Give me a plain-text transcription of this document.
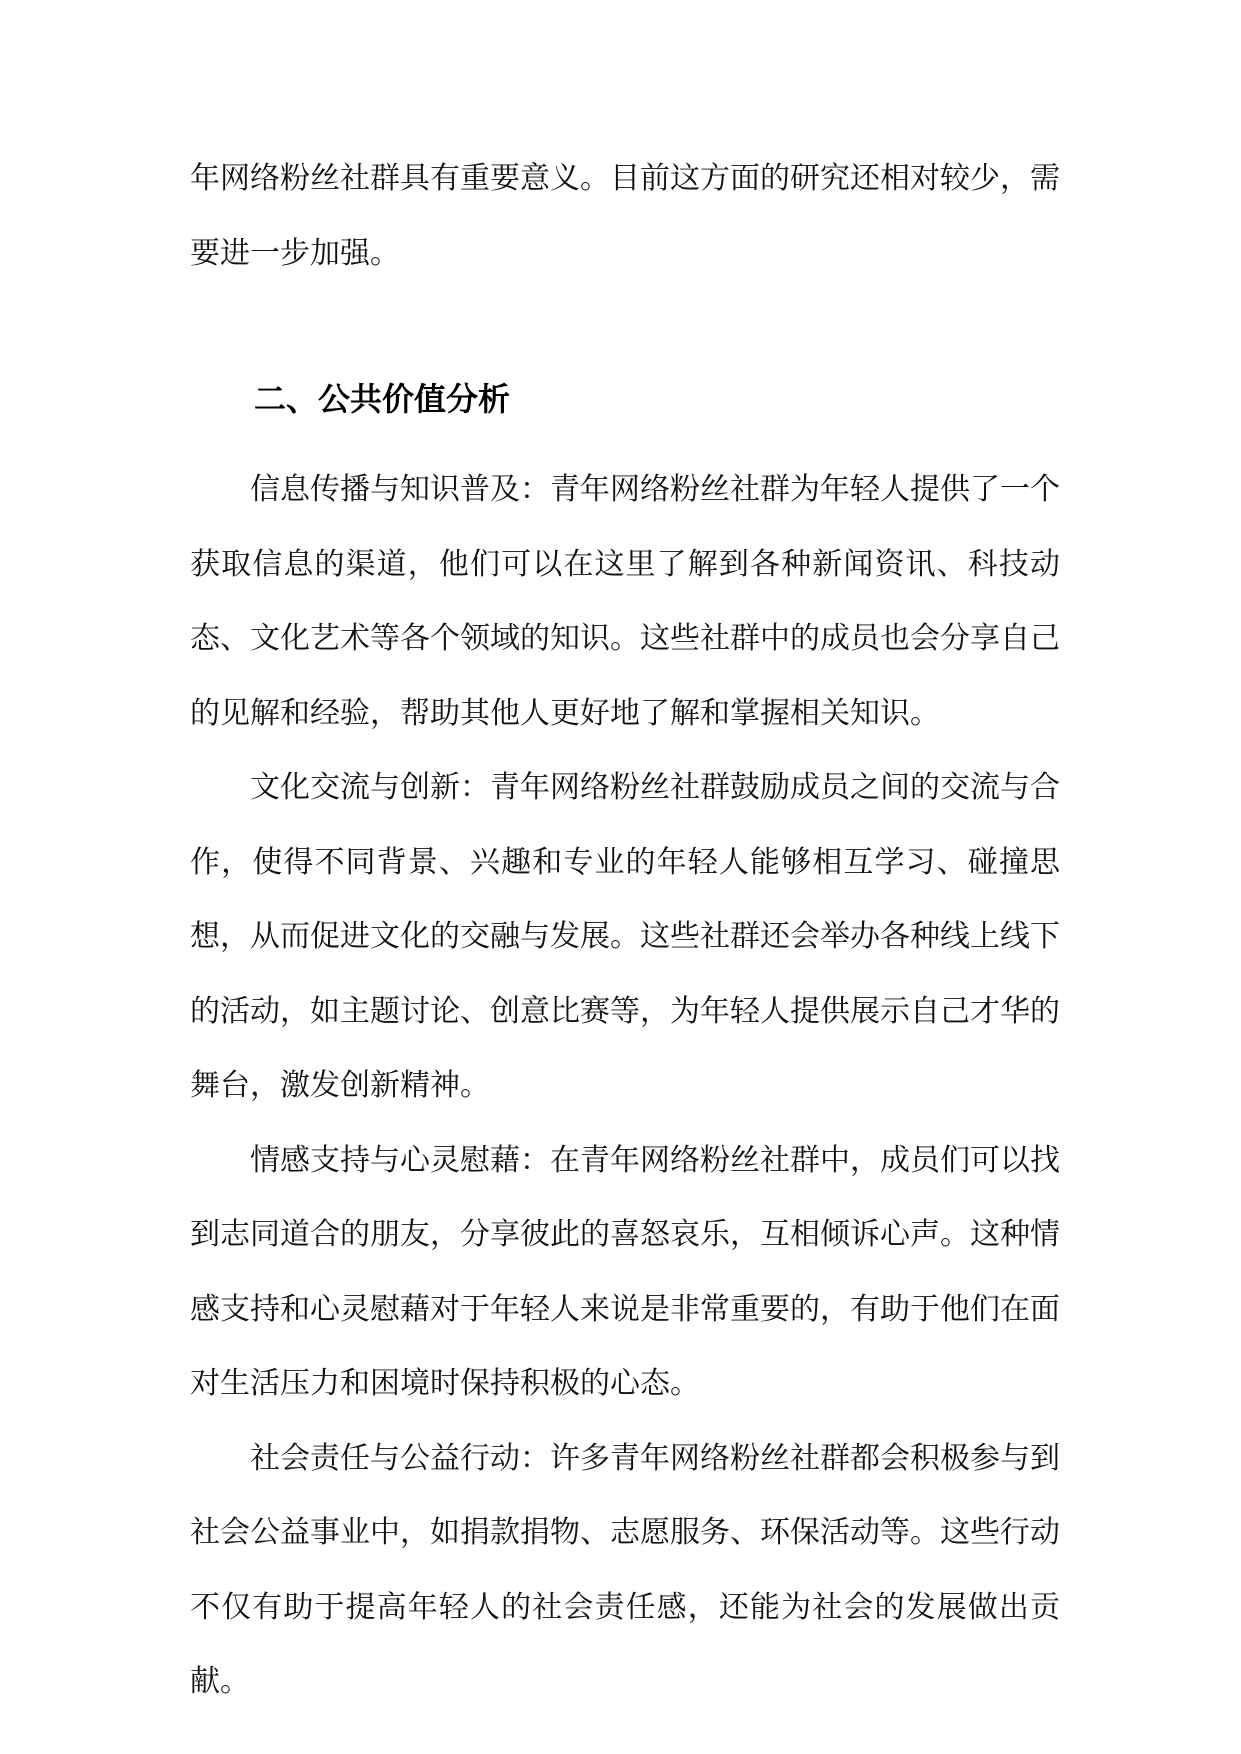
年网络粉丝社群具有重要意义。目前这方面的研究还相对较少，需要进一步加强。

二、公共价值分析

信息传播与知识普及：青年网络粉丝社群为年轻人提供了一个获取信息的渠道，他们可以在这里了解到各种新闻资讯、科技动态、文化艺术等各个领域的知识。这些社群中的成员也会分享自己的见解和经验，帮助其他人更好地了解和掌握相关知识。

文化交流与创新：青年网络粉丝社群鼓励成员之间的交流与合作，使得不同背景、兴趣和专业的年轻人能够相互学习、碰撞思想，从而促进文化的交融与发展。这些社群还会举办各种线上线下的活动，如主题讨论、创意比赛等，为年轻人提供展示自己才华的舞台，激发创新精神。

情感支持与心灵慰藉：在青年网络粉丝社群中，成员们可以找到志同道合的朋友，分享彼此的喜怒哀乐，互相倾诉心声。这种情感支持和心灵慰藉对于年轻人来说是非常重要的，有助于他们在面对生活压力和困境时保持积极的心态。

社会责任与公益行动：许多青年网络粉丝社群都会积极参与到社会公益事业中，如捐款捐物、志愿服务、环保活动等。这些行动不仅有助于提高年轻人的社会责任感，还能为社会的发展做出贡献。
